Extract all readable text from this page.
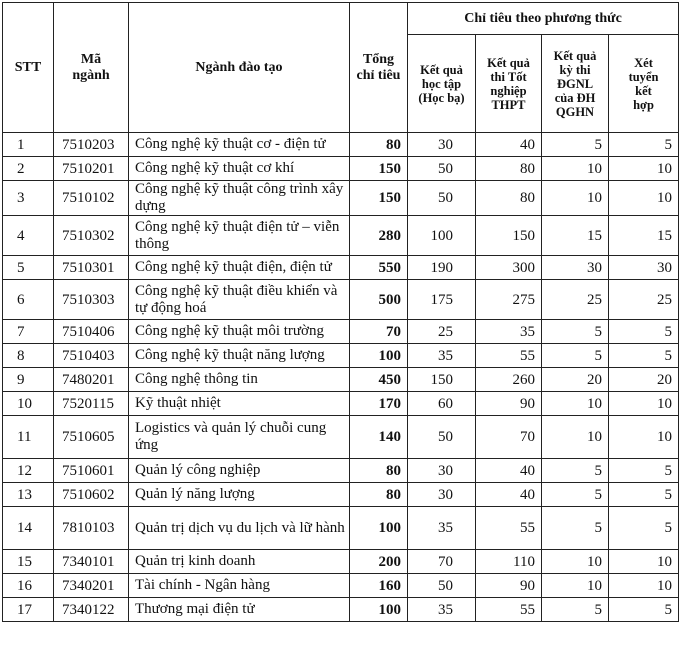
STT	Mã ngành	Ngành đào tạo	Tổng chỉ tiêu	Chỉ tiêu theo phương thức			

				Kết quả học tập (Học bạ)	Kết quả thi Tốt nghiệp THPT	Kết quả kỳ thi ĐGNL của ĐH QGHN	Xét tuyển kết hợp

1	7510203	Công nghệ kỹ thuật cơ - điện tử	80	30	40	5	5
2	7510201	Công nghệ kỹ thuật cơ khí	150	50	80	10	10
3	7510102	Công nghệ kỹ thuật công trình xây dựng	150	50	80	10	10
4	7510302	Công nghệ kỹ thuật điện tử – viễn thông	280	100	150	15	15
5	7510301	Công nghệ kỹ thuật điện, điện tử	550	190	300	30	30
6	7510303	Công nghệ kỹ thuật điều khiển và tự động hoá	500	175	275	25	25
7	7510406	Công nghệ kỹ thuật môi trường	70	25	35	5	5
8	7510403	Công nghệ kỹ thuật năng lượng	100	35	55	5	5
9	7480201	Công nghệ thông tin	450	150	260	20	20
10	7520115	Kỹ thuật nhiệt	170	60	90	10	10
11	7510605	Logistics và quản lý chuỗi cung ứng	140	50	70	10	10
12	7510601	Quản lý công nghiệp	80	30	40	5	5
13	7510602	Quản lý năng lượng	80	30	40	5	5
14	7810103	Quản trị dịch vụ du lịch và lữ hành	100	35	55	5	5
15	7340101	Quản trị kinh doanh	200	70	110	10	10
16	7340201	Tài chính - Ngân hàng	160	50	90	10	10
17	7340122	Thương mại điện tử	100	35	55	5	5
